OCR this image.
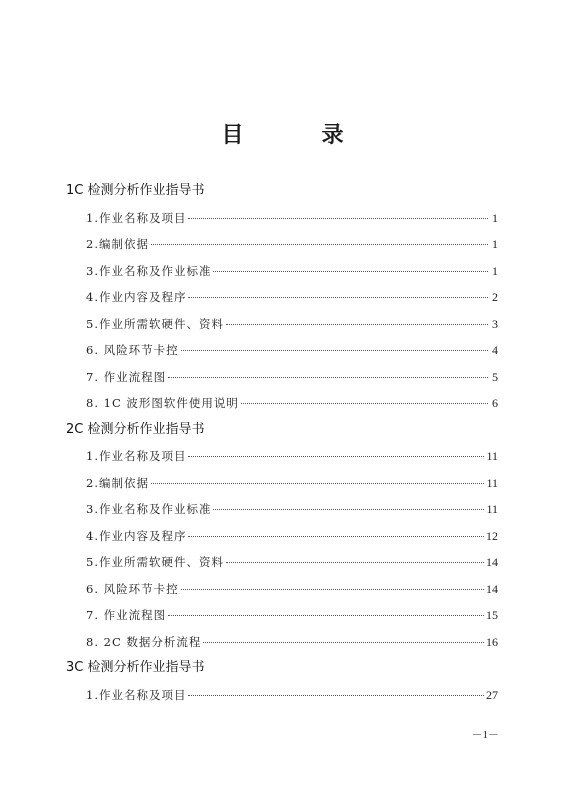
目　录
1C 检测分析作业指导书
1.作业名称及项目	1
2.编制依据	1
3.作业名称及作业标准	1
4.作业内容及程序	2
5.作业所需软硬件、资料	3
6. 风险环节卡控	4
7. 作业流程图	5
8. 1C 波形图软件使用说明	6
2C 检测分析作业指导书
1.作业名称及项目	11
2.编制依据	11
3.作业名称及作业标准	11
4.作业内容及程序	12
5.作业所需软硬件、资料	14
6. 风险环节卡控	14
7. 作业流程图	15
8. 2C 数据分析流程	16
3C 检测分析作业指导书
1.作业名称及项目	27
－1－
